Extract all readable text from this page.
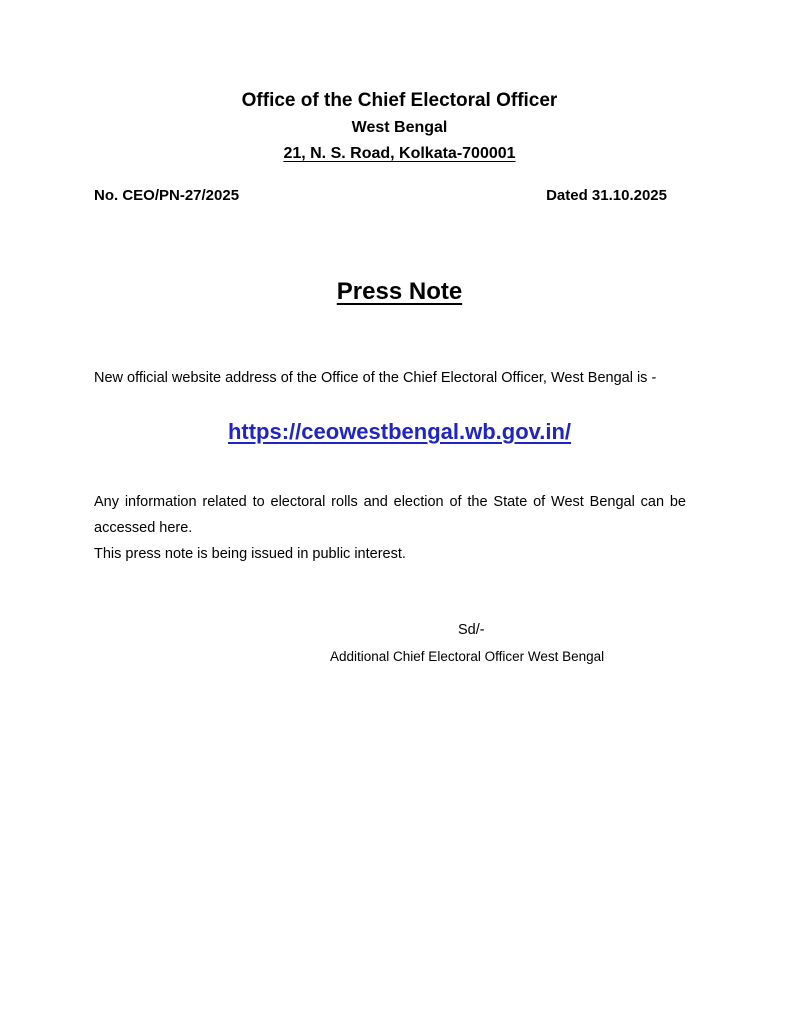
Office of the Chief Electoral Officer
West Bengal
21, N. S. Road, Kolkata-700001
No. CEO/PN-27/2025	Dated 31.10.2025
Press Note
New official website address of the Office of the Chief Electoral Officer, West Bengal is -
https://ceowestbengal.wb.gov.in/
Any information related to electoral rolls and election of the State of West Bengal can be accessed here.
This press note is being issued in public interest.
Sd/-
Additional Chief Electoral Officer West Bengal
